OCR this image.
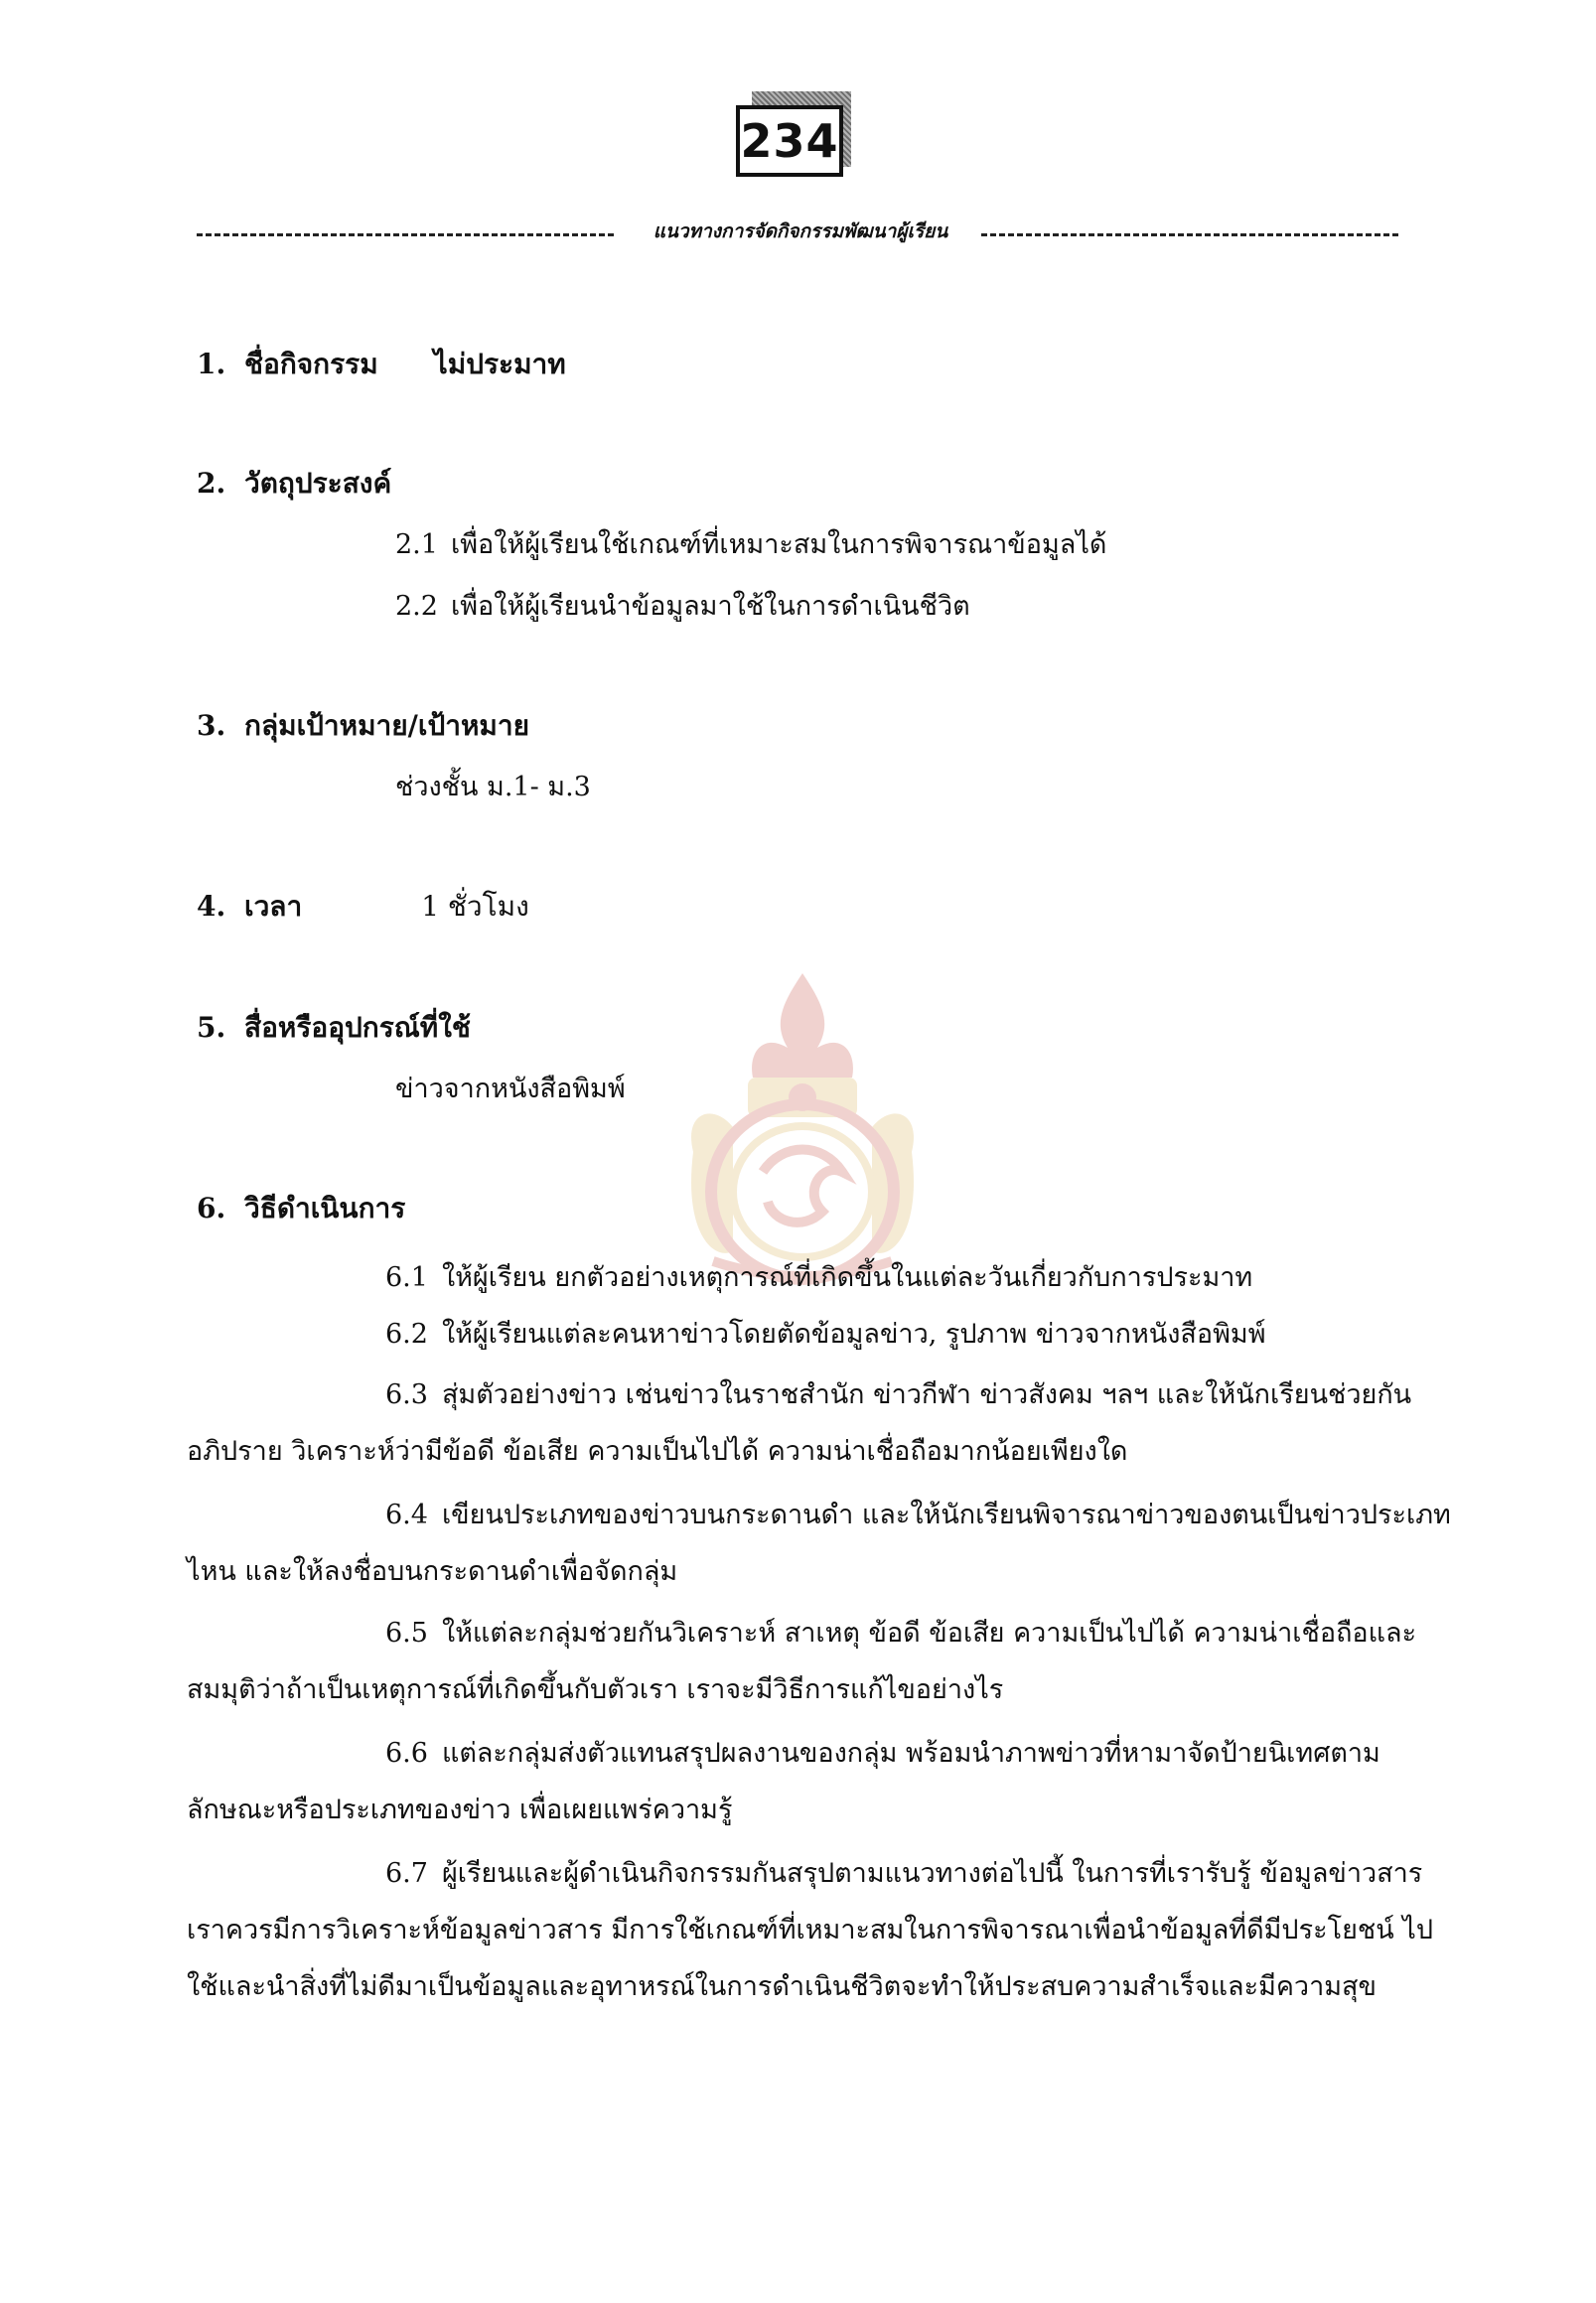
234
แนวทางการจัดกิจกรรมพัฒนาผู้เรียน
1. ชื่อกิจกรรม ไม่ประมาท
2. วัตถุประสงค์
2.1 เพื่อให้ผู้เรียนใช้เกณฑ์ที่เหมาะสมในการพิจารณาข้อมูลได้
2.2 เพื่อให้ผู้เรียนนำข้อมูลมาใช้ในการดำเนินชีวิต
3. กลุ่มเป้าหมาย/เป้าหมาย
ช่วงชั้น ม.1- ม.3
4. เวลา	1 ชั่วโมง
5. สื่อหรืออุปกรณ์ที่ใช้
ข่าวจากหนังสือพิมพ์
6. วิธีดำเนินการ
6.1 ให้ผู้เรียน ยกตัวอย่างเหตุการณ์ที่เกิดขึ้นในแต่ละวันเกี่ยวกับการประมาท
6.2 ให้ผู้เรียนแต่ละคนหาข่าวโดยตัดข้อมูลข่าว, รูปภาพ ข่าวจากหนังสือพิมพ์
6.3 สุ่มตัวอย่างข่าว เช่นข่าวในราชสำนัก ข่าวกีฬา ข่าวสังคม ฯลฯ และให้นักเรียนช่วยกันอภิปราย วิเคราะห์ว่ามีข้อดี ข้อเสีย ความเป็นไปได้ ความน่าเชื่อถือมากน้อยเพียงใด
6.4 เขียนประเภทของข่าวบนกระดานดำ และให้นักเรียนพิจารณาข่าวของตนเป็นข่าวประเภทไหน และให้ลงชื่อบนกระดานดำเพื่อจัดกลุ่ม
6.5 ให้แต่ละกลุ่มช่วยกันวิเคราะห์ สาเหตุ ข้อดี ข้อเสีย ความเป็นไปได้ ความน่าเชื่อถือและสมมุติว่าถ้าเป็นเหตุการณ์ที่เกิดขึ้นกับตัวเรา เราจะมีวิธีการแก้ไขอย่างไร
6.6 แต่ละกลุ่มส่งตัวแทนสรุปผลงานของกลุ่ม พร้อมนำภาพข่าวที่หามาจัดป้ายนิเทศตามลักษณะหรือประเภทของข่าว เพื่อเผยแพร่ความรู้
6.7 ผู้เรียนและผู้ดำเนินกิจกรรมกันสรุปตามแนวทางต่อไปนี้ ในการที่เรารับรู้ ข้อมูลข่าวสาร เราควรมีการวิเคราะห์ข้อมูลข่าวสาร มีการใช้เกณฑ์ที่เหมาะสมในการพิจารณาเพื่อนำข้อมูลที่ดีมีประโยชน์ ไปใช้และนำสิ่งที่ไม่ดีมาเป็นข้อมูลและอุทาหรณ์ในการดำเนินชีวิตจะทำให้ประสบความสำเร็จและมีความสุข
